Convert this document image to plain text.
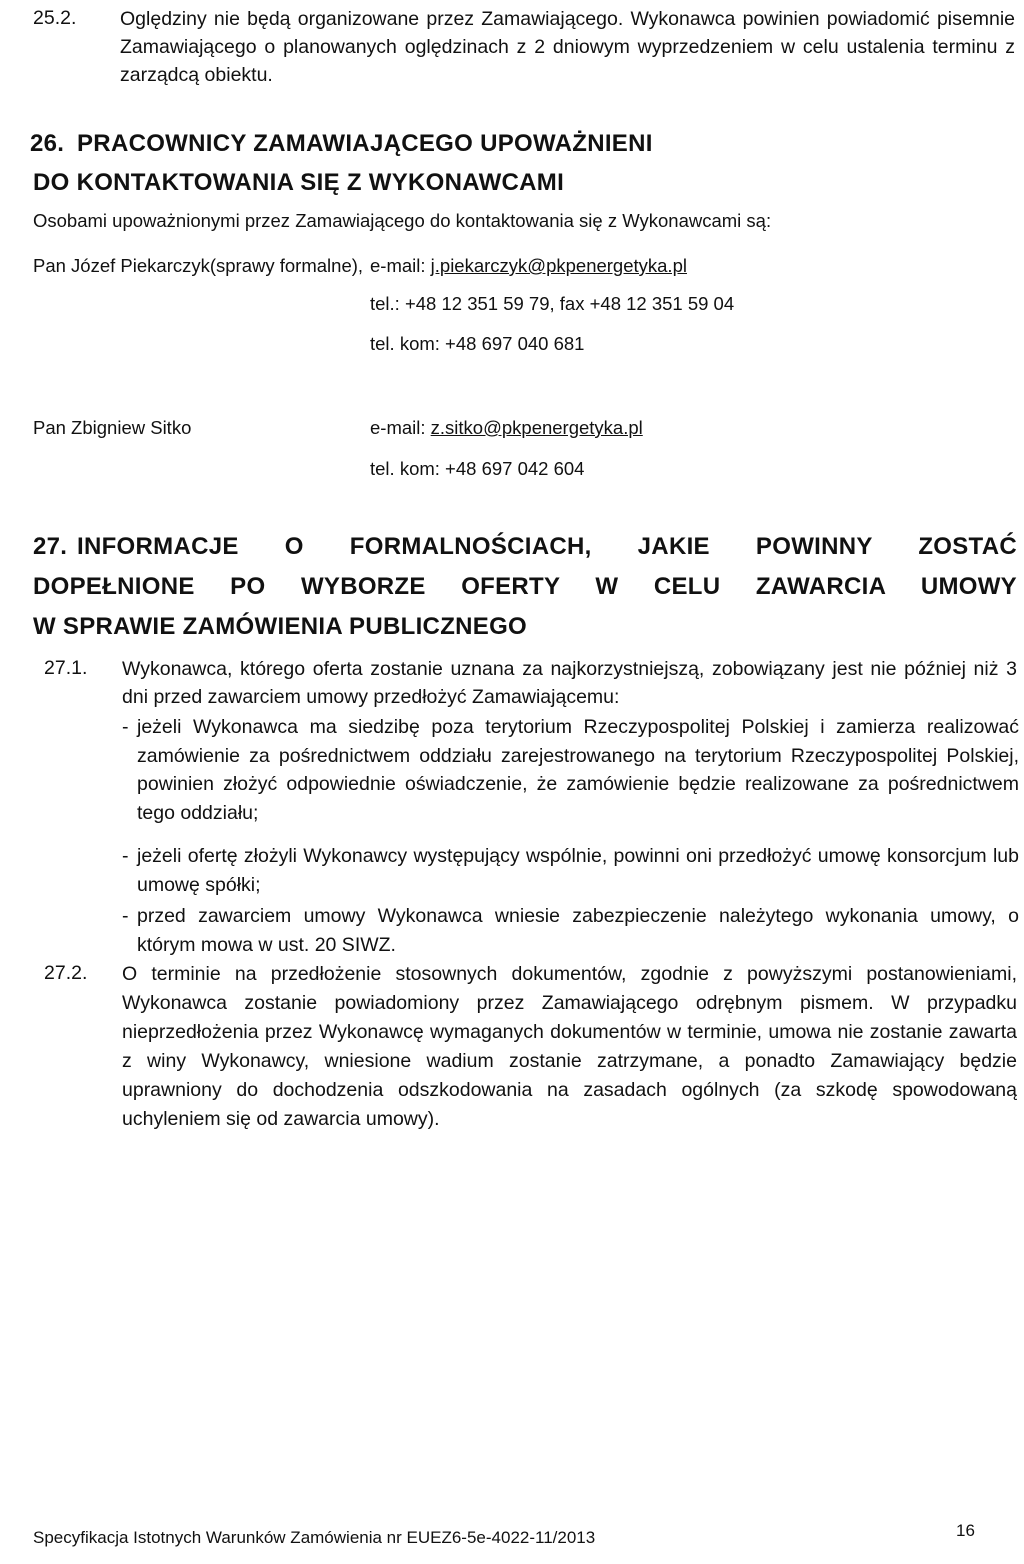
25.2. Oględziny nie będą organizowane przez Zamawiającego. Wykonawca powinien powiadomić pisemnie Zamawiającego o planowanych oględzinach z 2 dniowym wyprzedzeniem w celu ustalenia terminu z zarządcą obiektu.
26. PRACOWNICY ZAMAWIAJĄCEGO UPOWAŻNIENI
DO KONTAKTOWANIA SIĘ Z WYKONAWCAMI
Osobami upoważnionymi przez Zamawiającego do kontaktowania się z Wykonawcami są:
Pan Józef Piekarczyk(sprawy formalne), e-mail: j.piekarczyk@pkpenergetyka.pl
tel.: +48 12 351 59 79, fax +48 12 351 59 04
tel. kom: +48 697 040 681
Pan Zbigniew Sitko	e-mail: z.sitko@pkpenergetyka.pl
tel. kom: +48 697 042 604
27. INFORMACJE O FORMALNOŚCIACH, JAKIE POWINNY ZOSTAĆ
DOPEŁNIONE PO WYBORZE OFERTY W CELU ZAWARCIA UMOWY
W SPRAWIE ZAMÓWIENIA PUBLICZNEGO
27.1. Wykonawca, którego oferta zostanie uznana za najkorzystniejszą, zobowiązany jest nie później niż 3 dni przed zawarciem umowy przedłożyć Zamawiającemu:
- jeżeli Wykonawca ma siedzibę poza terytorium Rzeczypospolitej Polskiej i zamierza realizować zamówienie za pośrednictwem oddziału zarejestrowanego na terytorium Rzeczypospolitej Polskiej, powinien złożyć odpowiednie oświadczenie, że zamówienie będzie realizowane za pośrednictwem tego oddziału;
- jeżeli ofertę złożyli Wykonawcy występujący wspólnie, powinni oni przedłożyć umowę konsorcjum lub umowę spółki;
- przed zawarciem umowy Wykonawca wniesie zabezpieczenie należytego wykonania umowy, o którym mowa w ust. 20 SIWZ.
27.2. O terminie na przedłożenie stosownych dokumentów, zgodnie z powyższymi postanowieniami, Wykonawca zostanie powiadomiony przez Zamawiającego odrębnym pismem. W przypadku nieprzedłożenia przez Wykonawcę wymaganych dokumentów w terminie, umowa nie zostanie zawarta z winy Wykonawcy, wniesione wadium zostanie zatrzymane, a ponadto Zamawiający będzie uprawniony do dochodzenia odszkodowania na zasadach ogólnych (za szkodę spowodowaną uchyleniem się od zawarcia umowy).
Specyfikacja Istotnych Warunków Zamówienia nr EUEZ6-5e-4022-11/2013	16
